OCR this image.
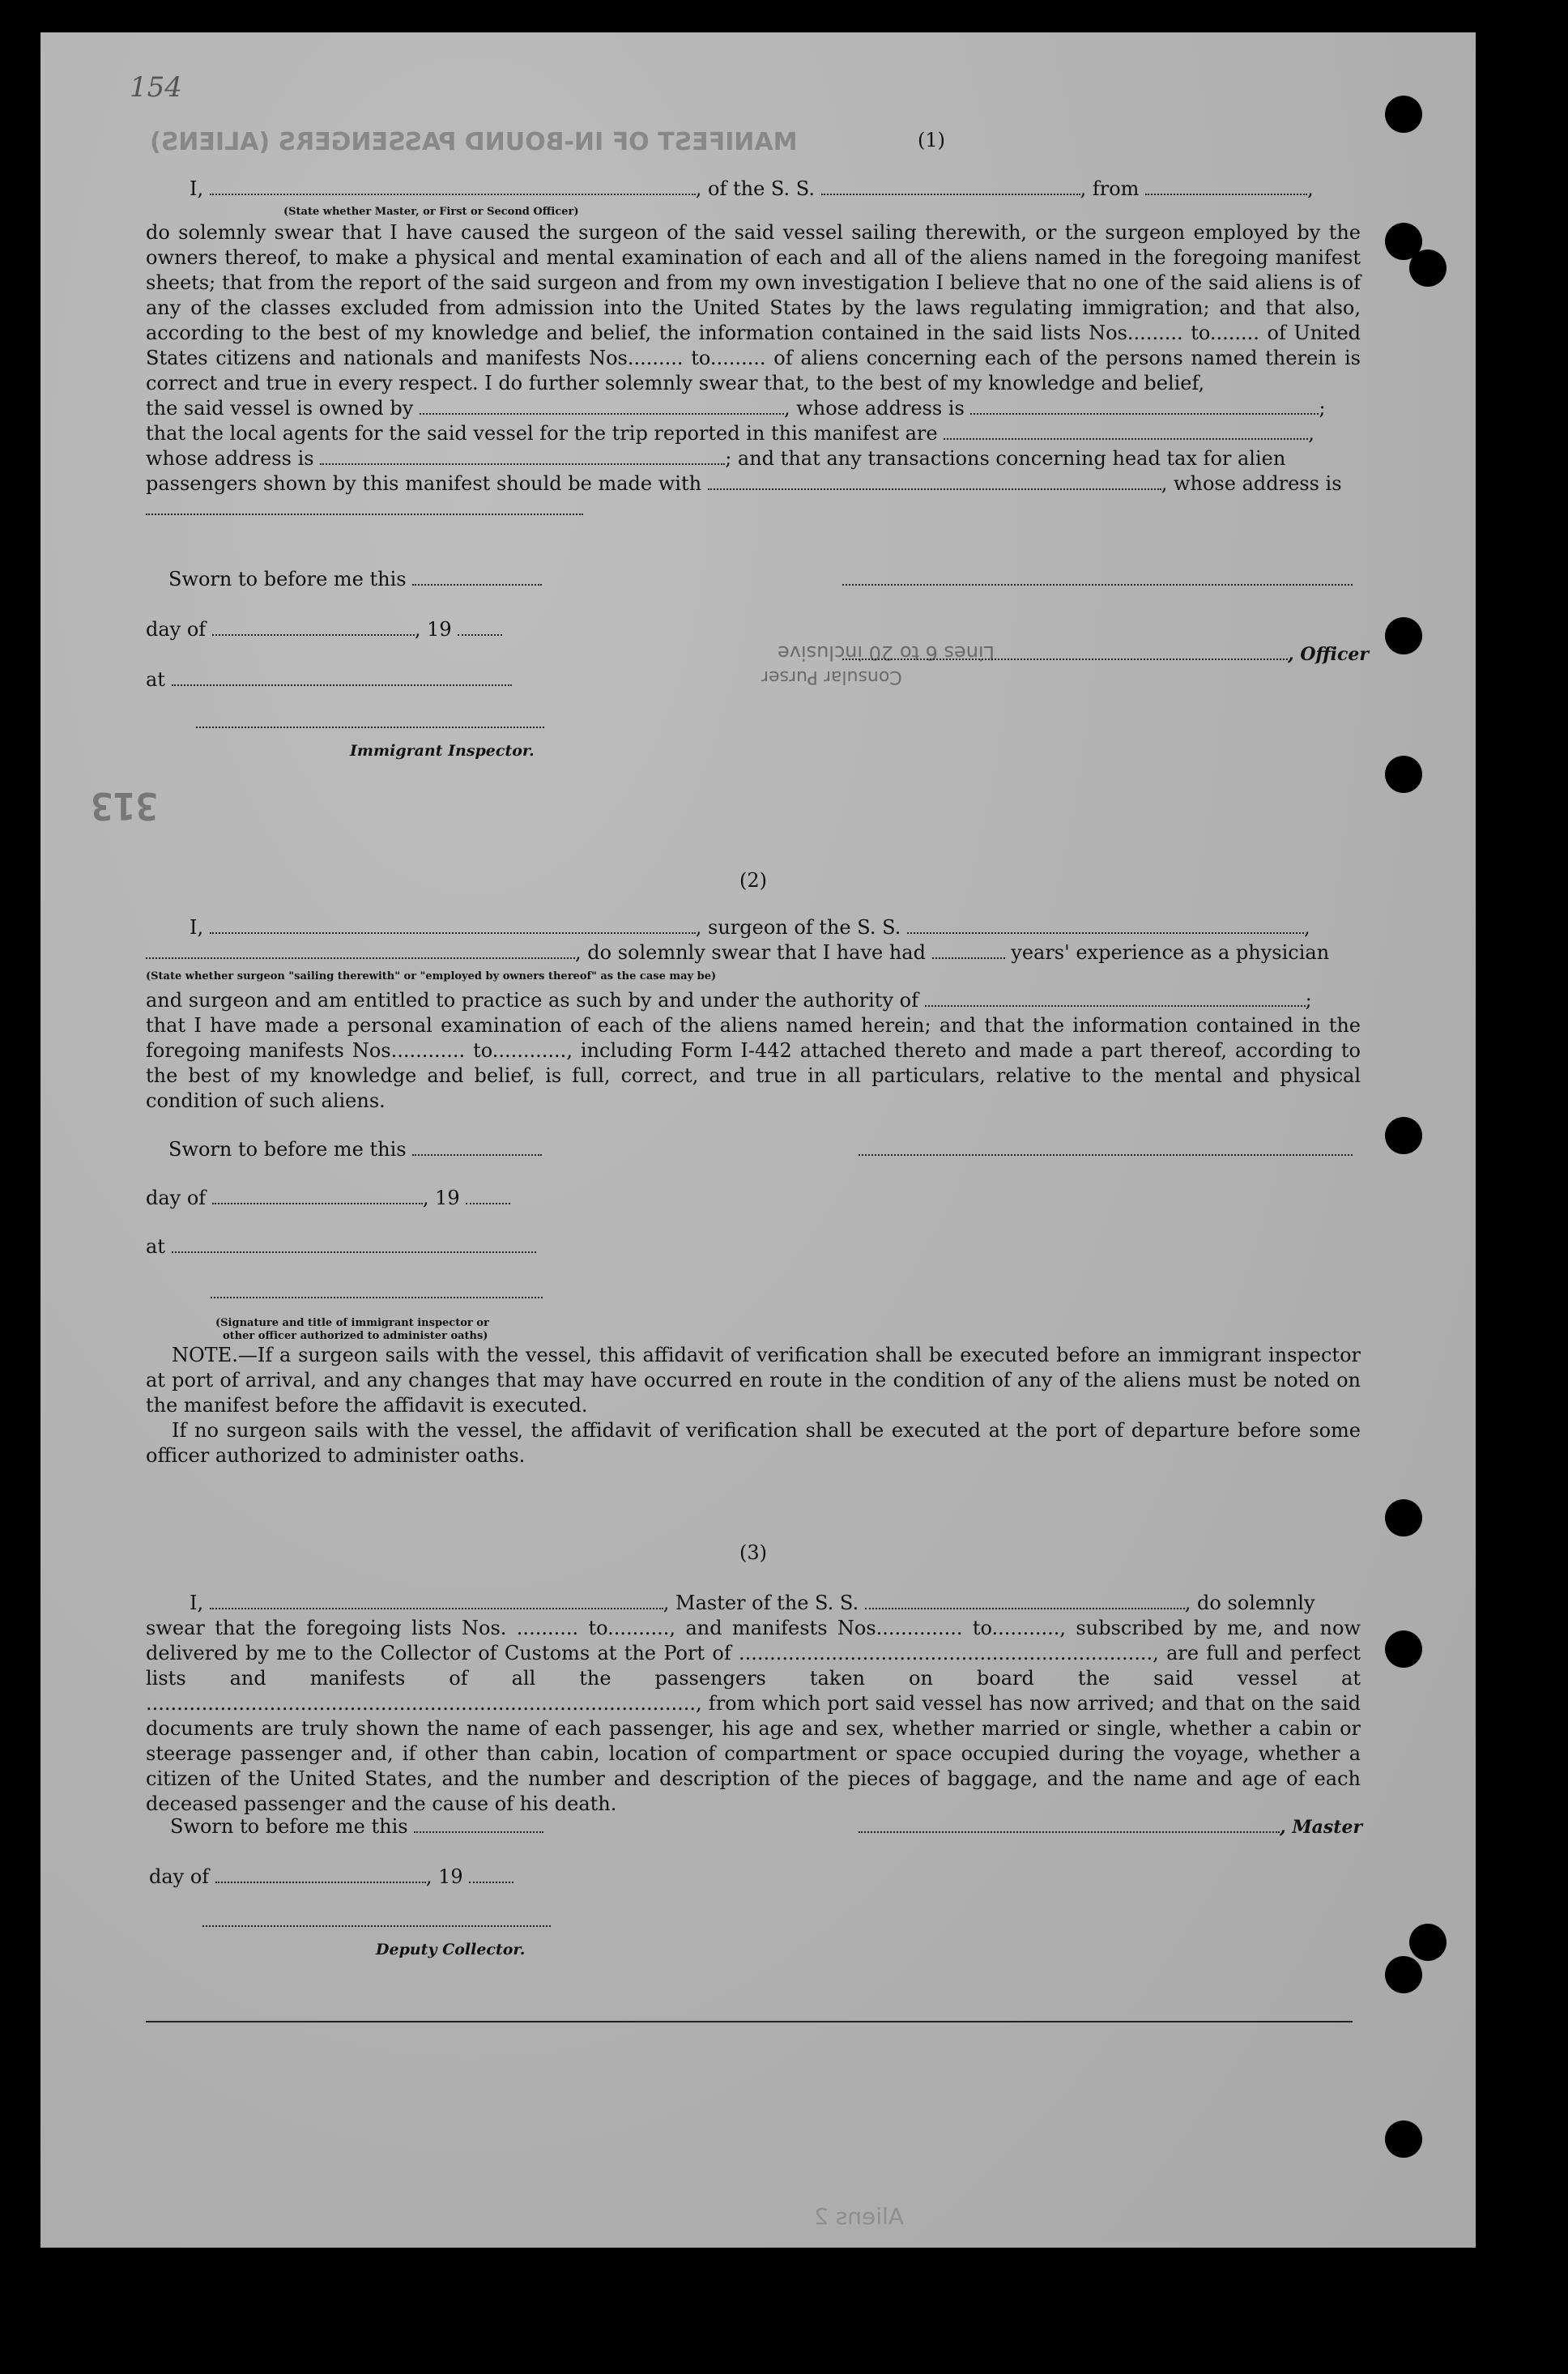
MANIFEST OF IN-BOUND PASSENGERS (ALIENS)
154
313
Aliens 2
(1)
I,	, of the S. S.	, from	,
(State whether Master, or First or Second Officer)
do solemnly swear that I have caused the surgeon of the said vessel sailing therewith, or the surgeon employed by the owners thereof, to make a physical and mental examination of each and all of the aliens named in the foregoing manifest sheets; that from the report of the said surgeon and from my own investigation I believe that no one of the said aliens is of any of the classes excluded from admission into the United States by the laws regulating immigration; and that also, according to the best of my knowledge and belief, the information contained in the said lists Nos......... to........ of United States citizens and nationals and manifests Nos......... to......... of aliens concerning each of the persons named therein is correct and true in every respect. I do further solemnly swear that, to the best of my knowledge and belief,
the said vessel is owned by	, whose address is	;
that the local agents for the said vessel for the trip reported in this manifest are	,
whose address is	; and that any transactions concerning head tax for alien
passengers shown by this manifest should be made with	, whose address is
Sworn to before me this
day of	, 19
Lines 6 to 20 inclusive
Consular Purser
, Officer
at
Immigrant Inspector.
(2)
I,	, surgeon of the S. S.	,
, do solemnly swear that I have had	years' experience as a physician
(State whether surgeon "sailing therewith" or "employed by owners thereof" as the case may be)
and surgeon and am entitled to practice as such by and under the authority of	;
that I have made a personal examination of each of the aliens named herein; and that the information contained in the foregoing manifests Nos............ to............, including Form I-442 attached thereto and made a part thereof, according to the best of my knowledge and belief, is full, correct, and true in all particulars, relative to the mental and physical condition of such aliens.
Sworn to before me this
day of	, 19
at
(Signature and title of immigrant inspector or
other officer authorized to administer oaths)
NOTE.—If a surgeon sails with the vessel, this affidavit of verification shall be executed before an immigrant inspector at port of arrival, and any changes that may have occurred en route in the condition of any of the aliens must be noted on the manifest before the affidavit is executed.
If no surgeon sails with the vessel, the affidavit of verification shall be executed at the port of departure before some officer authorized to administer oaths.
(3)
I,	, Master of the S. S.	, do solemnly
swear that the foregoing lists Nos. .......... to.........., and manifests Nos.............. to..........., subscribed by me, and now delivered by me to the Collector of Customs at the Port of ..................................................................., are full and perfect lists and manifests of all the passengers taken on board the said vessel at ........................................................................................., from which port said vessel has now arrived; and that on the said documents are truly shown the name of each passenger, his age and sex, whether married or single, whether a cabin or steerage passenger and, if other than cabin, location of compartment or space occupied during the voyage, whether a citizen of the United States, and the number and description of the pieces of baggage, and the name and age of each deceased passenger and the cause of his death.
Sworn to before me this	, Master
day of	, 19
Deputy Collector.
